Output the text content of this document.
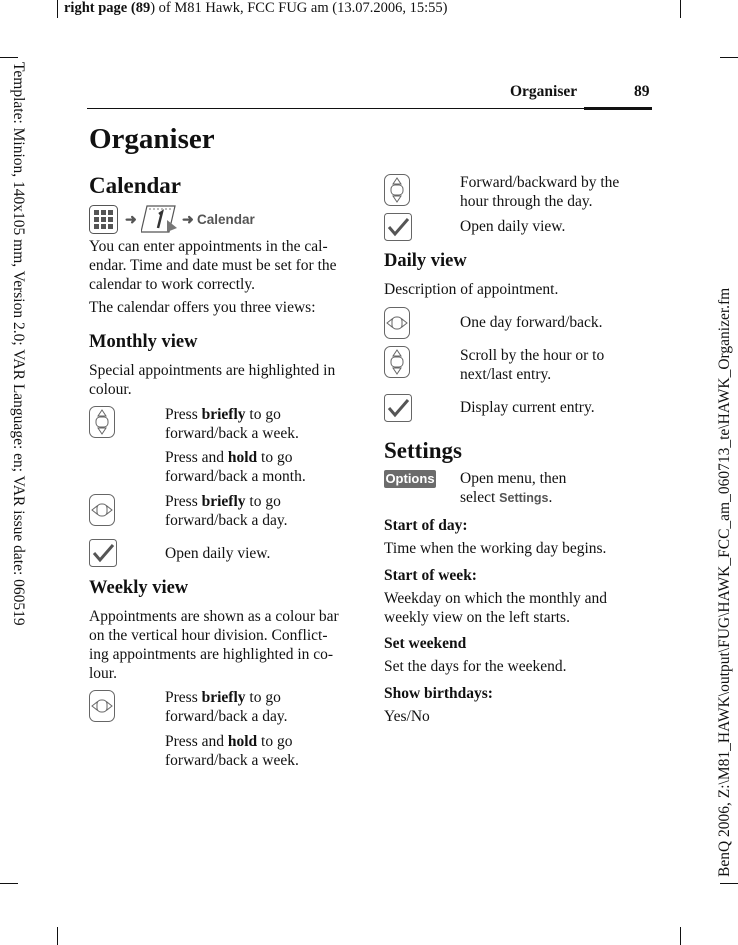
right page (89) of M81 Hawk, FCC FUG am (13.07.2006, 15:55)
Template: Minion, 140x105 mm, Version 2.0; VAR Language: en; VAR issue date: 060519	BenQ 2006, Z:\M81_HAWK\output\FUG\HAWK_FCC_am_060713_te\HAWK_Organizer.fm
Organiser	89
Organiser
Calendar
➜	➜ Calendar
You can enter appointments in the cal-
endar. Time and date must be set for the
calendar to work correctly.
The calendar offers you three views:
Monthly view
Special appointments are highlighted in
colour.
Press briefly to go
forward/back a week.
Press and hold to go
forward/back a month.
Press briefly to go
forward/back a day.
Open daily view.
Weekly view
Appointments are shown as a colour bar
on the vertical hour division. Conflict-
ing appointments are highlighted in co-
lour.
Press briefly to go
forward/back a day.
Press and hold to go
forward/back a week.
Forward/backward by the
hour through the day.
Open daily view.
Daily view
Description of appointment.
One day forward/back.
Scroll by the hour or to
next/last entry.
Display current entry.
Settings
Options Open menu, then
select Settings.
Start of day:
Time when the working day begins.
Start of week:
Weekday on which the monthly and
weekly view on the left starts.
Set weekend
Set the days for the weekend.
Show birthdays:
Yes/No
